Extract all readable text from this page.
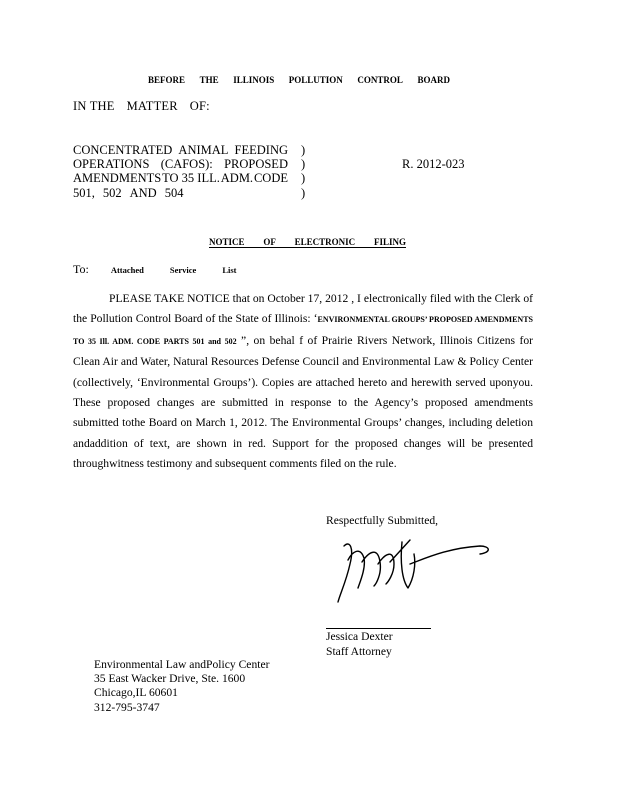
BEFORE THE ILLINOIS POLLUTION CONTROL BOARD
IN THE MATTER OF:
CONCENTRATED ANIMAL FEEDING
OPERATIONS (CAFOS): PROPOSED
AMENDMENTS TO 35 ILL. ADM. CODE
501, 502 AND 504
)
)
)
)
R. 2012-023
NOTICE OF ELECTRONIC FILING
To:	Attached	Service	List

PLEASE TAKE NOTICE that on October 17, 2012 , I electronically filed with the Clerk of the Pollution Control Board of the State of Illinois: ‘ENVIRONMENTAL GROUPS’ PROPOSED AMENDMENTS TO 35 Ill. ADM. CODE PARTS 501 and 502 ”, on behal f of Prairie Rivers Network, Illinois Citizens for Clean Air and Water, Natural Resources Defense Council and Environmental Law & Policy Center (collectively, ‘Environmental Groups’). Copies are attached hereto and herewith served uponyou. These proposed changes are submitted in response to the Agency’s proposed amendments submitted tothe Board on March 1, 2012. The Environmental Groups’ changes, including deletion andaddition of text, are shown in red. Support for the proposed changes will be presented throughwitness testimony and subsequent comments filed on the rule.

Respectfully Submitted,
Jessica Dexter
Staff Attorney
Environmental Law andPolicy Center
35 East Wacker Drive, Ste. 1600
Chicago,IL 60601
312-795-3747
